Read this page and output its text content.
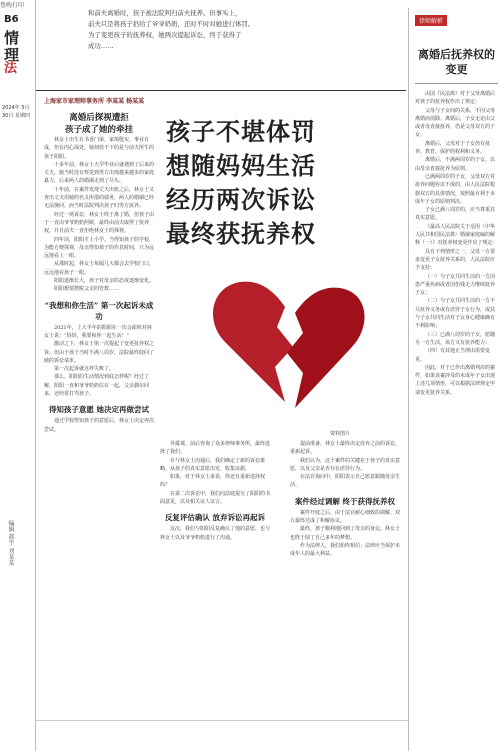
鲁晚打印
B6
情理
法
2024年 5月30日 星期四
编辑 郝宇 刘某某

和前夫离婚时，孩子被法院判归前夫抚养。但事实上，

前夫只是将孩子扔给了爷爷奶奶，还时不时对她进行体罚。

为了变更孩子的抚养权，她两次提起诉讼，终于获得了

成功……

上海家市家理师事务所 李某某 杨某某
律师解析
离婚后抚养权的变更

由国《民法典》对于父母离婚后对孩子的抚养权作出了规定：

父母与子女间的关系，不因父母离婚而消除。离婚后，子女无论由父或者母直接抚养，仍是父母双方的子女。

离婚后，父母对于子女仍有抚养、教育、保护的权利和义务。

离婚后，不满两周岁的子女，以由母亲直接抚养为原则。

已满两周岁的子女，父母双方对抚养问题协议不成的，由人民法院根据双方的具体情况，按照最有利于未成年子女的原则判决。

子女已满八周岁的，应当尊重其真实意愿。

《最高人民法院关于适用〈中华人民共和国民法典〉婚姻家庭编的解释（一）》对抚养权变更作出了规定：

具有下列情形之一，父母一方要求变更子女抚养关系的，人民法院应予支持：

（一）与子女共同生活的一方因患严重疾病或者因伤残无力继续抚养子女；

（二）与子女共同生活的一方不尽抚养义务或有虐待子女行为，或其与子女共同生活对子女身心健康确有不利影响；

（三）已满八周岁的子女，愿随另一方生活，该方又有抚养能力；

（四）有其他正当理由需要变更。

因此，对于已作出离婚判决的案件，如果该案涉及的未成年子女出现上述几项情形，可以根据法律规定申请变更抚养关系。

离婚后探视遭拒
孩子成了她的牵挂

林女士出生在书香门第，家境殷实，事业有成，但在内心深处，她却放不下的是与前夫所生的孩子阳阳。

十多年前，林女士大学毕业后就遇到了后来的丈夫。她当时没有察觉到男方出现越来越多的家庭暴力，后来两人的婚姻走到了尽头。

十年前，在案件发现丈夫出轨之后，林女士又查出丈夫用她的名义所借的债务。两人的婚姻已经无法挽回，而当时法院判决孩子归男方抚养。

经过一场诉讼，林女士终于离了婚，但孩子由于一直由爷爷奶奶照顾，最终由前夫取得了抚养权，并且前夫一直拒绝林女士的探视。

四年前，阳阳才上小学。当得知孩子的学校，为能方便探视，母亲得知孩子的作息时间，只为远远地看上一眼。

从那时起，林女士每隔几天都会去学校门口，远远地看孩子一眼。

阳阳逐渐长大，孩子对母亲的态度逐渐变化。

阳阳想要摆脱父亲的管教……

“我想和你生活” 第一次起诉未成功

2021年，上大半年的阳阳在一次会面时对林女士说：“妈妈，我要和你一起生活！”

激动之下，林女士第一次提起了变更抚养权之诉。但由于孩子当时不满八周岁，法院最终驳回了她的诉讼请求。

第一次起诉就这样失败了。

那么，阳阳的生活情况到底怎样呢？经过了解，阳阳一直和爷爷奶奶住在一起，父亲偶尔回来，还经常打骂孩子。

得知孩子意愿 她决定再做尝试

通过学校得知孩子的意愿后，林女士决定再次尝试。

孩子不堪体罚
想随妈妈生活
经历两次诉讼
最终获抚养权
资料图片

外援课，前后咨询了众多律师事务所，最终选择了我们。

在与林女士沟通后，我们确定了新的诉讼策略，从孩子的真实意愿出发，收集证据。

如果，对于林女士来说，你还有重新选择权吗？

在第二次诉讼中，我们向法庭提交了阳阳的书面意见，以及相关证人证言。

反复评估确认 放弃诉讼再起诉

这次，我们与阳阳反复确认了他的意愿，也与林女士以及爷爷奶奶进行了沟通。

提前准备，林女士最终决定放弃之前的诉讼，重新起诉。

我们认为，这个案件的关键在于孩子的真实意愿，以及父亲是否存在虐待行为。

在法官询问中，阳阳表示自己愿意跟随母亲生活。

案件经过调解 终于获得抚养权

案件开庭之后，由于法官耐心细致的调解，双方最终达成了和解协议。

最终，孩子顺利地回到了母亲的身边。林女士也终于圆了自己多年的梦想。

作为法律人，我们始终相信：法律应当保护未成年人的最大利益。
